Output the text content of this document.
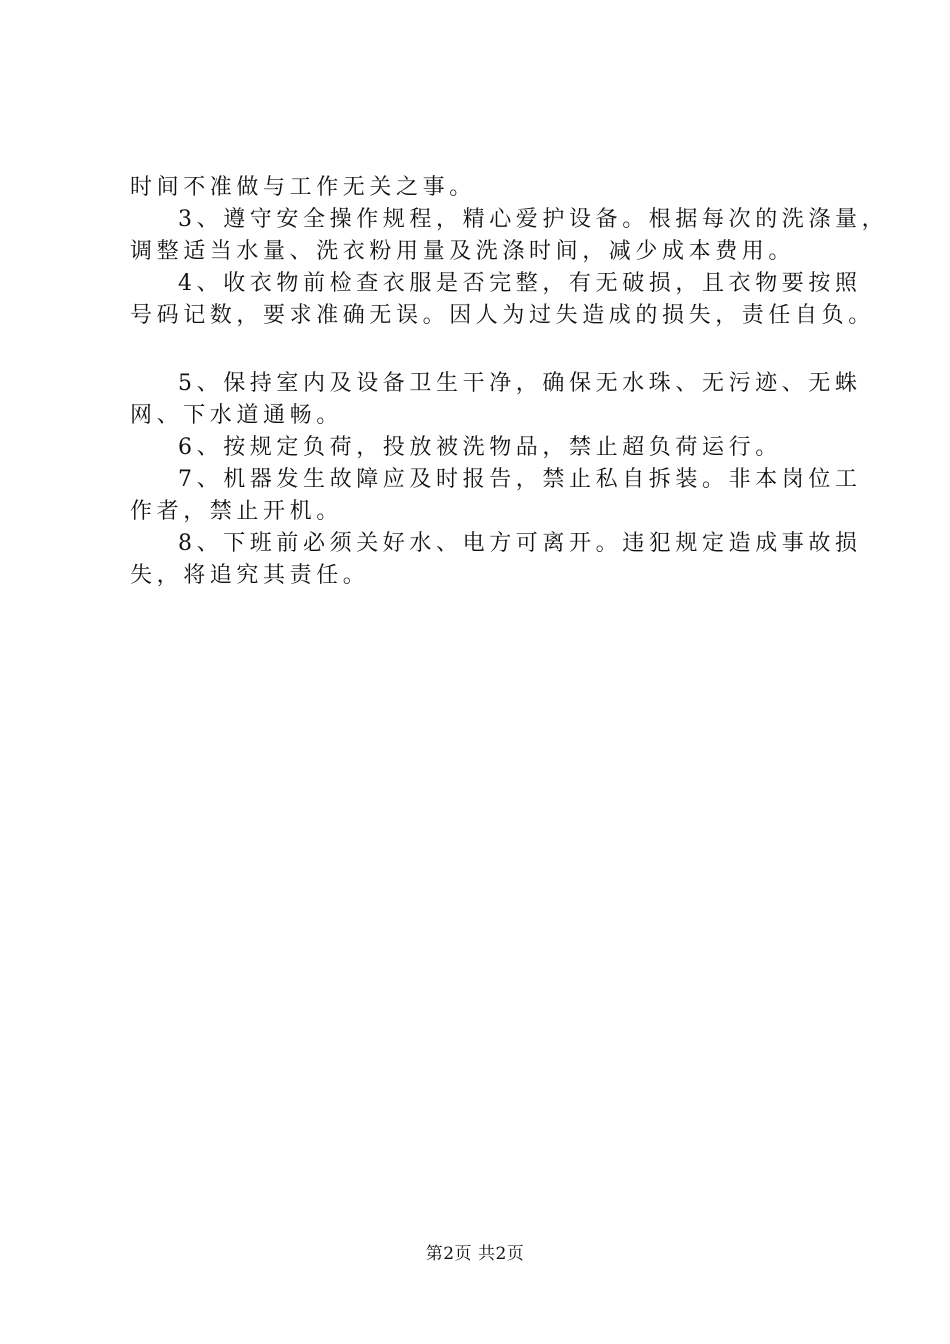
时间不准做与工作无关之事。
3、遵守安全操作规程，精心爱护设备。根据每次的洗涤量，
调整适当水量、洗衣粉用量及洗涤时间，减少成本费用。
4、收衣物前检查衣服是否完整，有无破损，且衣物要按照
号码记数，要求准确无误。因人为过失造成的损失，责任自负。
5、保持室内及设备卫生干净，确保无水珠、无污迹、无蛛
网、下水道通畅。
6、按规定负荷，投放被洗物品，禁止超负荷运行。
7、机器发生故障应及时报告，禁止私自拆装。非本岗位工
作者，禁止开机。
8、下班前必须关好水、电方可离开。违犯规定造成事故损
失，将追究其责任。
第2页 共2页
